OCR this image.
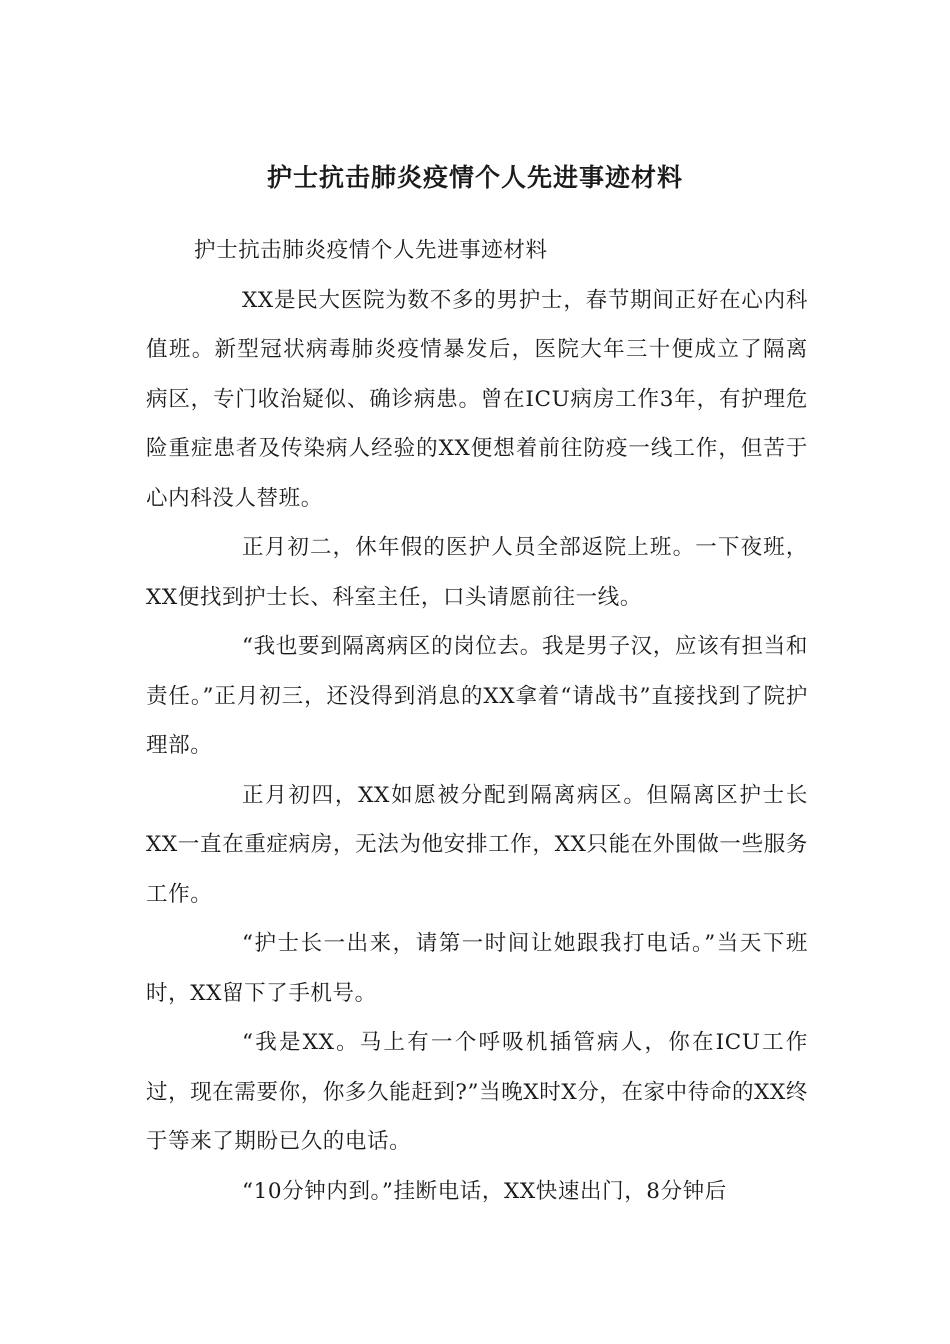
护士抗击肺炎疫情个人先进事迹材料

护士抗击肺炎疫情个人先进事迹材料

XX是民大医院为数不多的男护士，春节期间正好在心内科值班。新型冠状病毒肺炎疫情暴发后，医院大年三十便成立了隔离病区，专门收治疑似、确诊病患。曾在ICU病房工作3年，有护理危险重症患者及传染病人经验的XX便想着前往防疫一线工作，但苦于心内科没人替班。

正月初二，休年假的医护人员全部返院上班。一下夜班，XX便找到护士长、科室主任，口头请愿前往一线。

“我也要到隔离病区的岗位去。我是男子汉，应该有担当和责任。”正月初三，还没得到消息的XX拿着“请战书”直接找到了院护理部。

正月初四，XX如愿被分配到隔离病区。但隔离区护士长XX一直在重症病房，无法为他安排工作，XX只能在外围做一些服务工作。

“护士长一出来，请第一时间让她跟我打电话。”当天下班时，XX留下了手机号。

“我是XX。马上有一个呼吸机插管病人，你在ICU工作过，现在需要你，你多久能赶到?”当晚X时X分，在家中待命的XX终于等来了期盼已久的电话。

“10分钟内到。”挂断电话，XX快速出门，8分钟后
